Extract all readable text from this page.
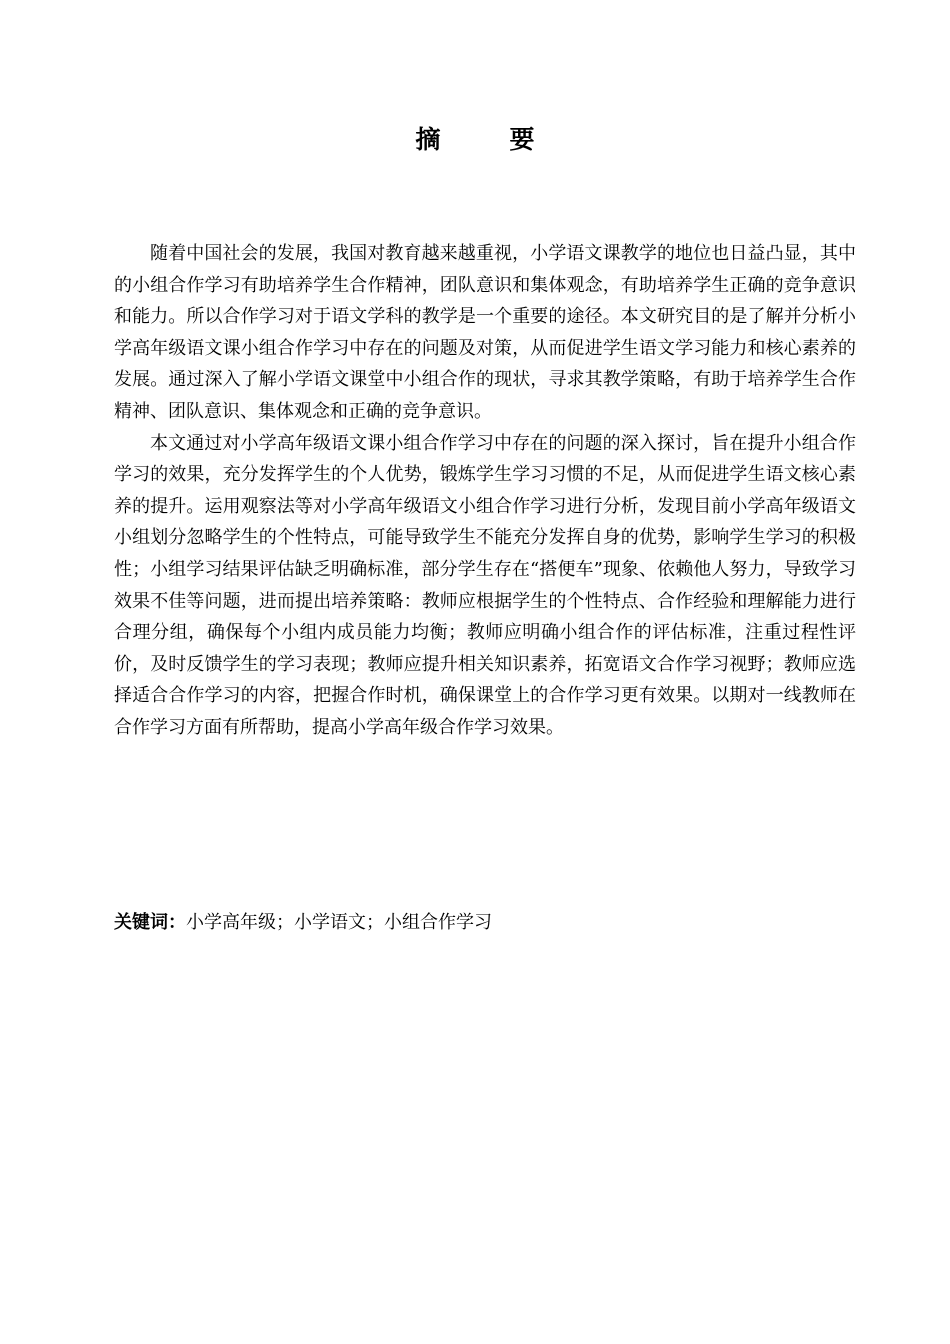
摘　要

随着中国社会的发展，我国对教育越来越重视，小学语文课教学的地位也日益凸显，其中的小组合作学习有助培养学生合作精神，团队意识和集体观念，有助培养学生正确的竞争意识和能力。所以合作学习对于语文学科的教学是一个重要的途径。本文研究目的是了解并分析小学高年级语文课小组合作学习中存在的问题及对策，从而促进学生语文学习能力和核心素养的发展。通过深入了解小学语文课堂中小组合作的现状，寻求其教学策略，有助于培养学生合作精神、团队意识、集体观念和正确的竞争意识。

本文通过对小学高年级语文课小组合作学习中存在的问题的深入探讨，旨在提升小组合作学习的效果，充分发挥学生的个人优势，锻炼学生学习习惯的不足，从而促进学生语文核心素养的提升。运用观察法等对小学高年级语文小组合作学习进行分析，发现目前小学高年级语文小组划分忽略学生的个性特点，可能导致学生不能充分发挥自身的优势，影响学生学习的积极性；小组学习结果评估缺乏明确标准，部分学生存在“搭便车”现象、依赖他人努力，导致学习效果不佳等问题，进而提出培养策略：教师应根据学生的个性特点、合作经验和理解能力进行合理分组，确保每个小组内成员能力均衡；教师应明确小组合作的评估标准，注重过程性评价，及时反馈学生的学习表现；教师应提升相关知识素养，拓宽语文合作学习视野；教师应选择适合合作学习的内容，把握合作时机，确保课堂上的合作学习更有效果。以期对一线教师在合作学习方面有所帮助，提高小学高年级合作学习效果。

关键词：小学高年级；小学语文；小组合作学习
